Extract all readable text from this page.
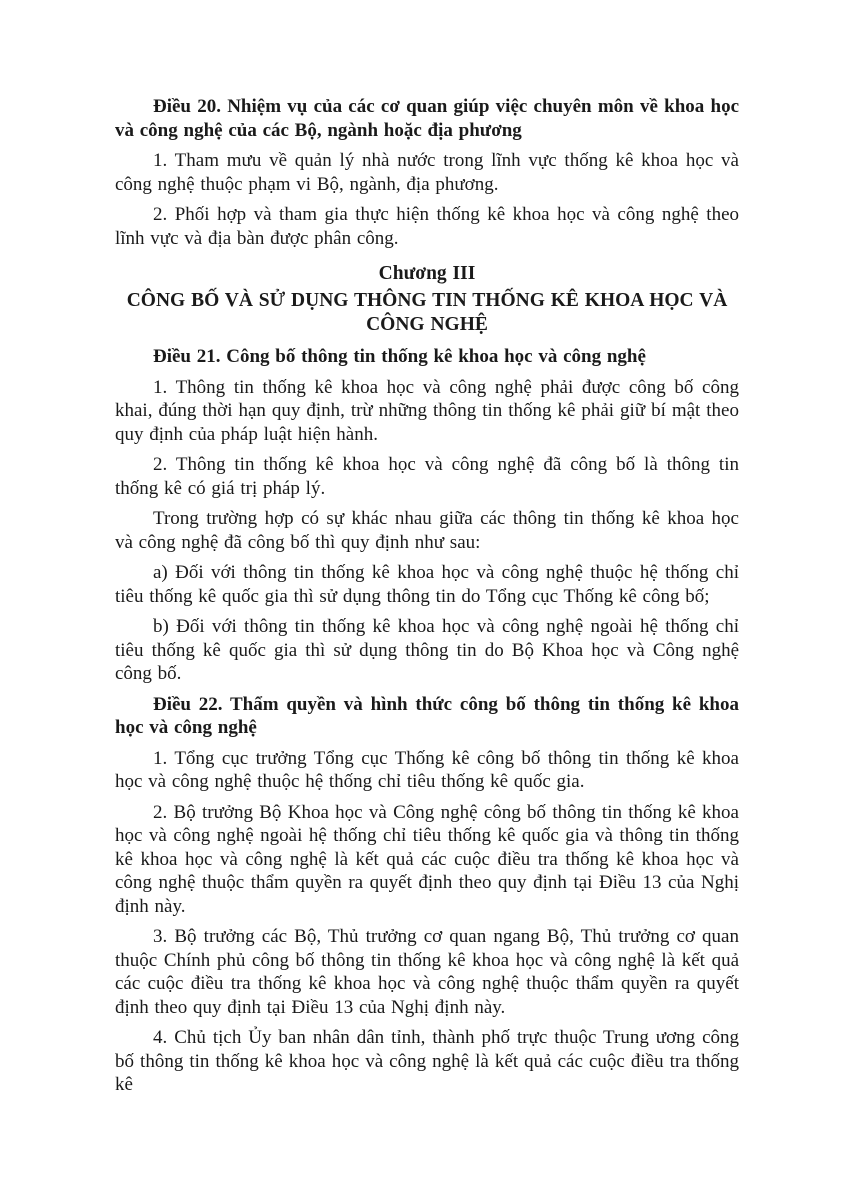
Điều 20. Nhiệm vụ của các cơ quan giúp việc chuyên môn về khoa học và công nghệ của các Bộ, ngành hoặc địa phương

1. Tham mưu về quản lý nhà nước trong lĩnh vực thống kê khoa học và công nghệ thuộc phạm vi Bộ, ngành, địa phương.

2. Phối hợp và tham gia thực hiện thống kê khoa học và công nghệ theo lĩnh vực và địa bàn được phân công.

Chương III

CÔNG BỐ VÀ SỬ DỤNG THÔNG TIN THỐNG KÊ KHOA HỌC VÀ CÔNG NGHỆ

Điều 21. Công bố thông tin thống kê khoa học và công nghệ

1. Thông tin thống kê khoa học và công nghệ phải được công bố công khai, đúng thời hạn quy định, trừ những thông tin thống kê phải giữ bí mật theo quy định của pháp luật hiện hành.

2. Thông tin thống kê khoa học và công nghệ đã công bố là thông tin thống kê có giá trị pháp lý.

Trong trường hợp có sự khác nhau giữa các thông tin thống kê khoa học và công nghệ đã công bố thì quy định như sau:

a) Đối với thông tin thống kê khoa học và công nghệ thuộc hệ thống chỉ tiêu thống kê quốc gia thì sử dụng thông tin do Tổng cục Thống kê công bố;

b) Đối với thông tin thống kê khoa học và công nghệ ngoài hệ thống chỉ tiêu thống kê quốc gia thì sử dụng thông tin do Bộ Khoa học và Công nghệ công bố.

Điều 22. Thẩm quyền và hình thức công bố thông tin thống kê khoa học và công nghệ

1. Tổng cục trưởng Tổng cục Thống kê công bố thông tin thống kê khoa học và công nghệ thuộc hệ thống chỉ tiêu thống kê quốc gia.

2. Bộ trưởng Bộ Khoa học và Công nghệ công bố thông tin thống kê khoa học và công nghệ ngoài hệ thống chỉ tiêu thống kê quốc gia và thông tin thống kê khoa học và công nghệ là kết quả các cuộc điều tra thống kê khoa học và công nghệ thuộc thẩm quyền ra quyết định theo quy định tại Điều 13 của Nghị định này.

3. Bộ trưởng các Bộ, Thủ trưởng cơ quan ngang Bộ, Thủ trưởng cơ quan thuộc Chính phủ công bố thông tin thống kê khoa học và công nghệ là kết quả các cuộc điều tra thống kê khoa học và công nghệ thuộc thẩm quyền ra quyết định theo quy định tại Điều 13 của Nghị định này.

4. Chủ tịch Ủy ban nhân dân tỉnh, thành phố trực thuộc Trung ương công bố thông tin thống kê khoa học và công nghệ là kết quả các cuộc điều tra thống kê
